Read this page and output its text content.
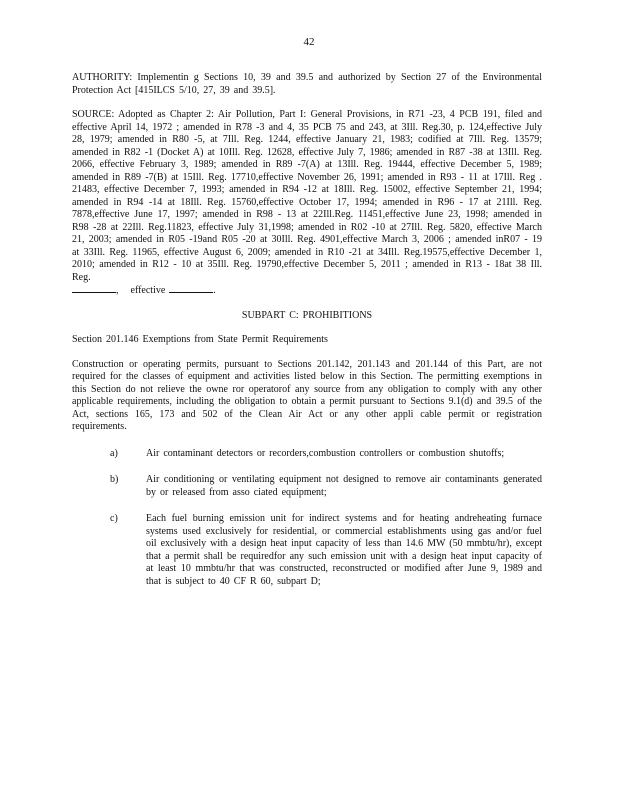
42

AUTHORITY: Implementin g Sections 10, 39 and 39.5 and authorized by Section 27 of the Environmental Protection Act [415ILCS 5/10, 27, 39 and 39.5].

SOURCE: Adopted as Chapter 2: Air Pollution, Part I: General Provisions, in R71 -23, 4 PCB 191, filed and effective April 14, 1972 ; amended in R78 -3 and 4, 35 PCB 75 and 243, at 3Ill. Reg.30, p. 124,effective July 28, 1979; amended in R80 -5, at 7Ill. Reg. 1244, effective January 21, 1983; codified at 7Ill. Reg. 13579; amended in R82 -1 (Docket A) at 10Ill. Reg. 12628, effective July 7, 1986; amended in R87 -38 at 13Ill. Reg. 2066, effective February 3, 1989; amended in R89 -7(A) at 13Ill. Reg. 19444, effective December 5, 1989; amended in R89 -7(B) at 15Ill. Reg. 17710,effective November 26, 1991; amended in R93 - 11 at 17Ill. Reg . 21483, effective December 7, 1993; amended in R94 -12 at 18Ill. Reg. 15002, effective September 21, 1994; amended in R94 -14 at 18Ill. Reg. 15760,effective October 17, 1994; amended in R96 - 17 at 21Ill. Reg. 7878,effective June 17, 1997; amended in R98 - 13 at 22Ill.Reg. 11451,effective June 23, 1998; amended in R98 -28 at 22Ill. Reg.11823, effective July 31,1998; amended in R02 -10 at 27Ill. Reg. 5820, effective March 21, 2003; amended in R05 -19and R05 -20 at 30Ill. Reg. 4901,effective March 3, 2006 ; amended inR07 - 19 at 33Ill. Reg. 11965, effective August 6, 2009; amended in R10 -21 at 34Ill. Reg.19575,effective December 1, 2010; amended in R12 - 10 at 35Ill. Reg. 19790,effective December 5, 2011 ; amended in R13 - 18at 38 Ill. Reg.
, effective	.

SUBPART C: PROHIBITIONS

Section 201.146 Exemptions from State Permit Requirements

Construction or operating permits, pursuant to Sections 201.142, 201.143 and 201.144 of this Part, are not required for the classes of equipment and activities listed below in this Section. The permitting exemptions in this Section do not relieve the owne ror operatorof any source from any obligation to comply with any other applicable requirements, including the obligation to obtain a permit pursuant to Sections 9.1(d) and 39.5 of the Act, sections 165, 173 and 502 of the Clean Air Act or any other appli cable permit or registration requirements.

a)	Air contaminant detectors or recorders,combustion controllers or combustion shutoffs;
b)	Air conditioning or ventilating equipment not designed to remove air contaminants generated by or released from asso ciated equipment;
c)	Each fuel burning emission unit for indirect systems and for heating andreheating furnace systems used exclusively for residential, or commercial establishments using gas and/or fuel oil exclusively with a design heat input capacity of less than 14.6 MW (50 mmbtu/hr), except that a permit shall be requiredfor any such emission unit with a design heat input capacity of at least 10 mmbtu/hr that was constructed, reconstructed or modified after June 9, 1989 and that is subject to 40 CF R 60, subpart D;
